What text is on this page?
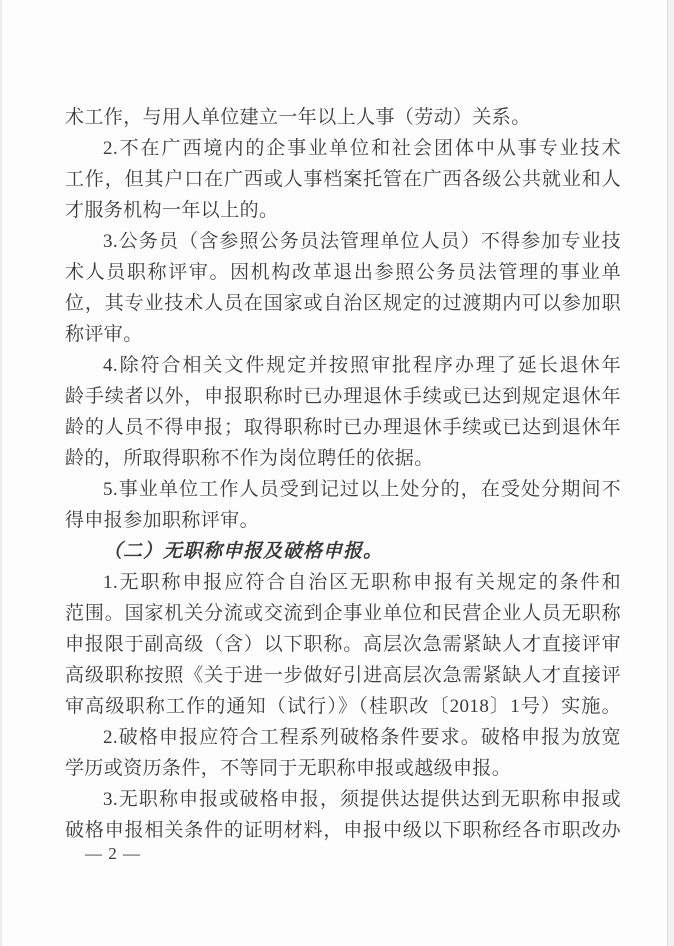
术工作，与用人单位建立一年以上人事（劳动）关系。
2.不在广西境内的企事业单位和社会团体中从事专业技术
工作，但其户口在广西或人事档案托管在广西各级公共就业和人
才服务机构一年以上的。
3.公务员（含参照公务员法管理单位人员）不得参加专业技
术人员职称评审。因机构改革退出参照公务员法管理的事业单
位，其专业技术人员在国家或自治区规定的过渡期内可以参加职
称评审。
4.除符合相关文件规定并按照审批程序办理了延长退休年
龄手续者以外，申报职称时已办理退休手续或已达到规定退休年
龄的人员不得申报；取得职称时已办理退休手续或已达到退休年
龄的，所取得职称不作为岗位聘任的依据。
5.事业单位工作人员受到记过以上处分的，在受处分期间不
得申报参加职称评审。
（二）无职称申报及破格申报。
1.无职称申报应符合自治区无职称申报有关规定的条件和
范围。国家机关分流或交流到企事业单位和民营企业人员无职称
申报限于副高级（含）以下职称。高层次急需紧缺人才直接评审
高级职称按照《关于进一步做好引进高层次急需紧缺人才直接评
审高级职称工作的通知（试行）》（桂职改〔2018〕1号）实施。
2.破格申报应符合工程系列破格条件要求。破格申报为放宽
学历或资历条件，不等同于无职称申报或越级申报。
3.无职称申报或破格申报，须提供达提供达到无职称申报或
破格申报相关条件的证明材料，申报中级以下职称经各市职改办
— 2 —
